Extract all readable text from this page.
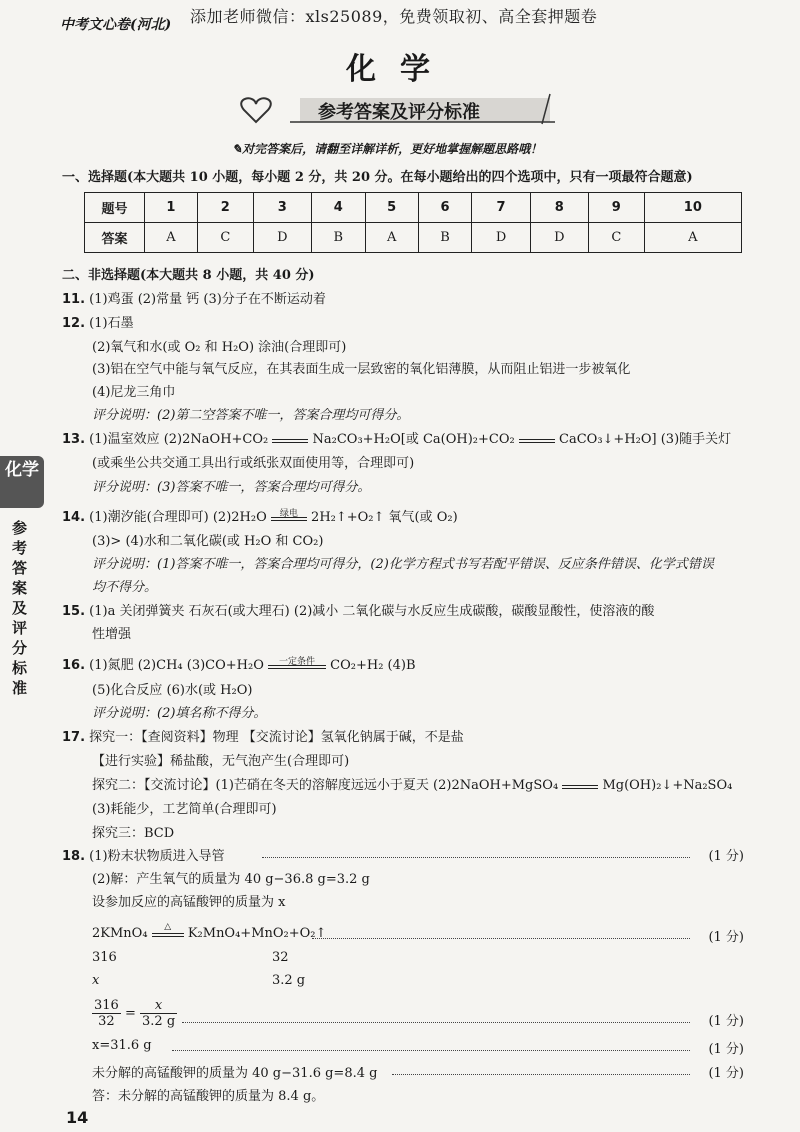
添加老师微信：xls25089，免费领取初、高全套押题卷
中考文心卷(河北)
化学
参考答案及评分标准
✎对完答案后，请翻至详解详析，更好地掌握解题思路哦！
一、选择题(本大题共 10 小题，每小题 2 分，共 20 分。在每小题给出的四个选项中，只有一项最符合题意)
题号	1	2	3	4	5	6	7	8	9	10
答案	A	C	D	B	A	B	D	D	C	A
二、非选择题(本大题共 8 小题，共 40 分)
11. (1)鸡蛋 (2)常量 钙 (3)分子在不断运动着
12. (1)石墨
(2)氧气和水(或 O₂ 和 H₂O) 涂油(合理即可)
(3)铝在空气中能与氧气反应，在其表面生成一层致密的氧化铝薄膜，从而阻止铝进一步被氧化
(4)尼龙三角巾
评分说明：(2)第二空答案不唯一，答案合理均可得分。
13. (1)温室效应 (2)2NaOH+CO₂	Na₂CO₃+H₂O[或 Ca(OH)₂+CO₂	CaCO₃↓+H₂O] (3)随手关灯
(或乘坐公共交通工具出行或纸张双面使用等，合理即可)
评分说明：(3)答案不唯一，答案合理均可得分。
14. (1)潮汐能(合理即可) (2)2H₂O	绿电	2H₂↑+O₂↑ 氧气(或 O₂)
(3)> (4)水和二氧化碳(或 H₂O 和 CO₂)
评分说明：(1)答案不唯一，答案合理均可得分，(2)化学方程式书写若配平错误、反应条件错误、化学式错误
均不得分。
15. (1)a 关闭弹簧夹 石灰石(或大理石) (2)减小 二氧化碳与水反应生成碳酸，碳酸显酸性，使溶液的酸
性增强
16. (1)氮肥 (2)CH₄ (3)CO+H₂O	一定条件	CO₂+H₂ (4)B
(5)化合反应 (6)水(或 H₂O)
评分说明：(2)填名称不得分。
17. 探究一：【查阅资料】物理 【交流讨论】氢氧化钠属于碱，不是盐
【进行实验】稀盐酸，无气泡产生(合理即可)
探究二：【交流讨论】(1)芒硝在冬天的溶解度远远小于夏天 (2)2NaOH+MgSO₄	Mg(OH)₂↓+Na₂SO₄
(3)耗能少，工艺简单(合理即可)
探究三：BCD
18. (1)粉末状物质进入导管	(1 分)
(2)解：产生氧气的质量为 40 g−36.8 g=3.2 g
设参加反应的高锰酸钾的质量为 x
2KMnO₄	△	K₂MnO₄+MnO₂+O₂↑	(1 分)
316	32
x	3.2 g
$\frac{316}{32} = \frac{x}{3.2 g}$	(1 分)
x=31.6 g	(1 分)
未分解的高锰酸钾的质量为 40 g−31.6 g=8.4 g	(1 分)
答：未分解的高锰酸钾的质量为 8.4 g。
化学
参考答案及评分标准
14
